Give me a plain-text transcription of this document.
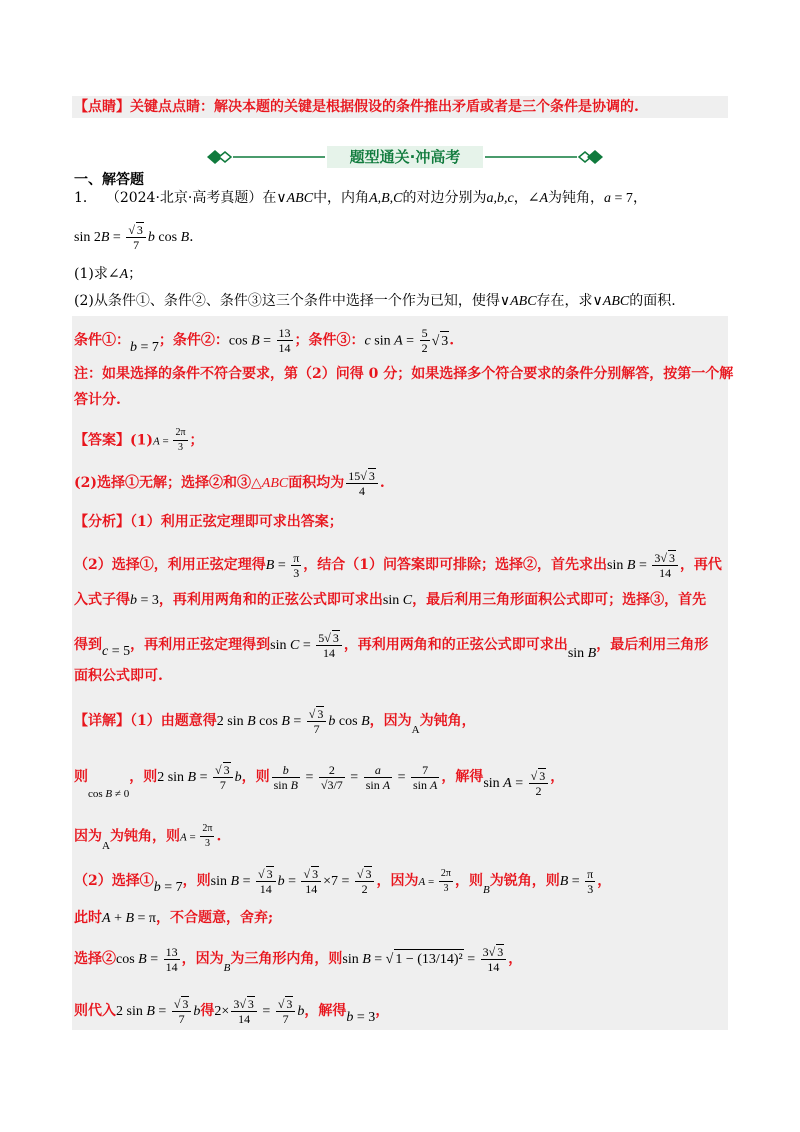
【点睛】关键点点睛：解决本题的关键是根据假设的条件推出矛盾或者是三个条件是协调的.
题型通关·冲高考
一、解答题
1． （2024·北京·高考真题）在∨ABC中，内角A,B,C的对边分别为a,b,c，∠A为钝角，a = 7，
$\sin 2B = \frac{√ 3}{7}$ b cos B.
(1)求∠A；
(2)从条件①、条件②、条件③这三个条件中选择一个作为已知，使得∨ABC存在，求∨ABC的面积.
条件①：b = 7；条件②：$\cos B = \frac{13}{14}$ ；条件③：c $\sin A = \frac{5}{2}$ √ 3.
注：如果选择的条件不符合要求，第（2）问得 0 分；如果选择多个符合要求的条件分别解答，按第一个解
答计分.
【答案】$(1)A = \frac{2\pi}{3}$ ；
(2)选择①无解；选择②和③△ABC面积均为 $\frac{15√ 3}{4}$ .
【分析】（1）利用正弦定理即可求出答案；
（2）选择①，利用正弦定理得$B = \frac{\pi}{3}$ ，结合（1）问答案即可排除；选择②，首先求出$\sin B = \frac{3√ 3}{14}$ ，再代
入式子得b = 3，再利用两角和的正弦公式即可求出sin C，最后利用三角形面积公式即可；选择③，首先
得到c = 5，再利用正弦定理得到$\sin C = \frac{5√ 3}{14}$ ，再利用两角和的正弦公式即可求出sin B，最后利用三角形
面积公式即可.
【详解】（1）由题意得2 sin B $\cos B = \frac{√ 3}{7}$ b cos B，因为$_A$为钝角，
则$_{cos B \ne 0}$，则2 $\sin B = \frac{√ 3}{7}$ b，则 $\frac{b}{\text{sin B}} = \frac{2}{√3/7} = \frac{a}{\text{sin A}} = \frac{7}{\text{sin A}}$ ，解得$\sin A = \frac{√ 3}{2}$ ，
因为$_A$为钝角，则$A = \frac{2\pi}{3}$ .
（2）选择①b = 7，则$\sin B = \frac{√ 3}{14}$ $b = \frac{√ 3}{14} \times 7 = \frac{√ 3}{2}$ ，因为$A = \frac{2\pi}{3}$ ，则$_B$为锐角，则$B = \frac{\pi}{3}$ ，
此时A + B = π，不合题意，舍弃;
选择②cos $B = \frac{13}{14}$ ，因为$_B$为三角形内角，则sin B = √ $1 - (13/14)^2 = \frac{3√ 3}{14}$ ，
则代入2 $\sin B = \frac{√ 3}{7}$ b得$2\times \frac{3√ 3}{14} = \frac{√ 3}{7}$ b，解得b = 3，
